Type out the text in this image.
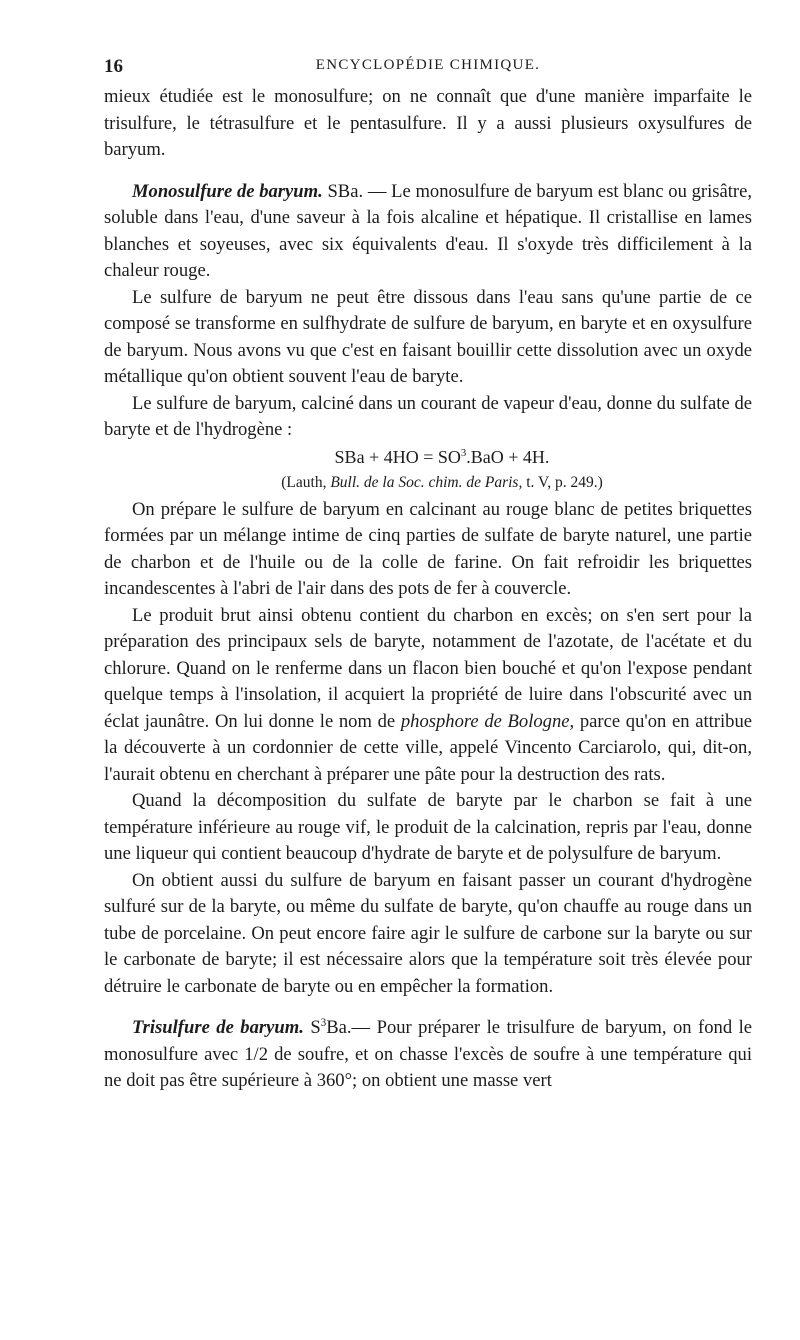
16	ENCYCLOPÉDIE CHIMIQUE.

mieux étudiée est le monosulfure; on ne connaît que d'une manière imparfaite le trisulfure, le tétrasulfure et le pentasulfure. Il y a aussi plusieurs oxysulfures de baryum.

Monosulfure de baryum. SBa. — Le monosulfure de baryum est blanc ou grisâtre, soluble dans l'eau, d'une saveur à la fois alcaline et hépatique. Il cristallise en lames blanches et soyeuses, avec six équivalents d'eau. Il s'oxyde très difficilement à la chaleur rouge.

Le sulfure de baryum ne peut être dissous dans l'eau sans qu'une partie de ce composé se transforme en sulfhydrate de sulfure de baryum, en baryte et en oxysulfure de baryum. Nous avons vu que c'est en faisant bouillir cette dissolution avec un oxyde métallique qu'on obtient souvent l'eau de baryte.

Le sulfure de baryum, calciné dans un courant de vapeur d'eau, donne du sulfate de baryte et de l'hydrogène :

SBa + $4HO = SO^3.BaO + 4H$.

(Lauth, Bull. de la Soc. chim. de Paris, t. V, p. 249.)

On prépare le sulfure de baryum en calcinant au rouge blanc de petites briquettes formées par un mélange intime de cinq parties de sulfate de baryte naturel, une partie de charbon et de l'huile ou de la colle de farine. On fait refroidir les briquettes incandescentes à l'abri de l'air dans des pots de fer à couvercle.

Le produit brut ainsi obtenu contient du charbon en excès; on s'en sert pour la préparation des principaux sels de baryte, notamment de l'azotate, de l'acétate et du chlorure. Quand on le renferme dans un flacon bien bouché et qu'on l'expose pendant quelque temps à l'insolation, il acquiert la propriété de luire dans l'obscurité avec un éclat jaunâtre. On lui donne le nom de phosphore de Bologne, parce qu'on en attribue la découverte à un cordonnier de cette ville, appelé Vincento Carciarolo, qui, dit-on, l'aurait obtenu en cherchant à préparer une pâte pour la destruction des rats.

Quand la décomposition du sulfate de baryte par le charbon se fait à une température inférieure au rouge vif, le produit de la calcination, repris par l'eau, donne une liqueur qui contient beaucoup d'hydrate de baryte et de polysulfure de baryum.

On obtient aussi du sulfure de baryum en faisant passer un courant d'hydrogène sulfuré sur de la baryte, ou même du sulfate de baryte, qu'on chauffe au rouge dans un tube de porcelaine. On peut encore faire agir le sulfure de carbone sur la baryte ou sur le carbonate de baryte; il est nécessaire alors que la température soit très élevée pour détruire le carbonate de baryte ou en empêcher la formation.

Trisulfure de baryum. $S^3Ba.—$ Pour préparer le trisulfure de baryum, on fond le monosulfure avec 1/2 de soufre, et on chasse l'excès de soufre à une température qui ne doit pas être supérieure à 360°; on obtient une masse vert
